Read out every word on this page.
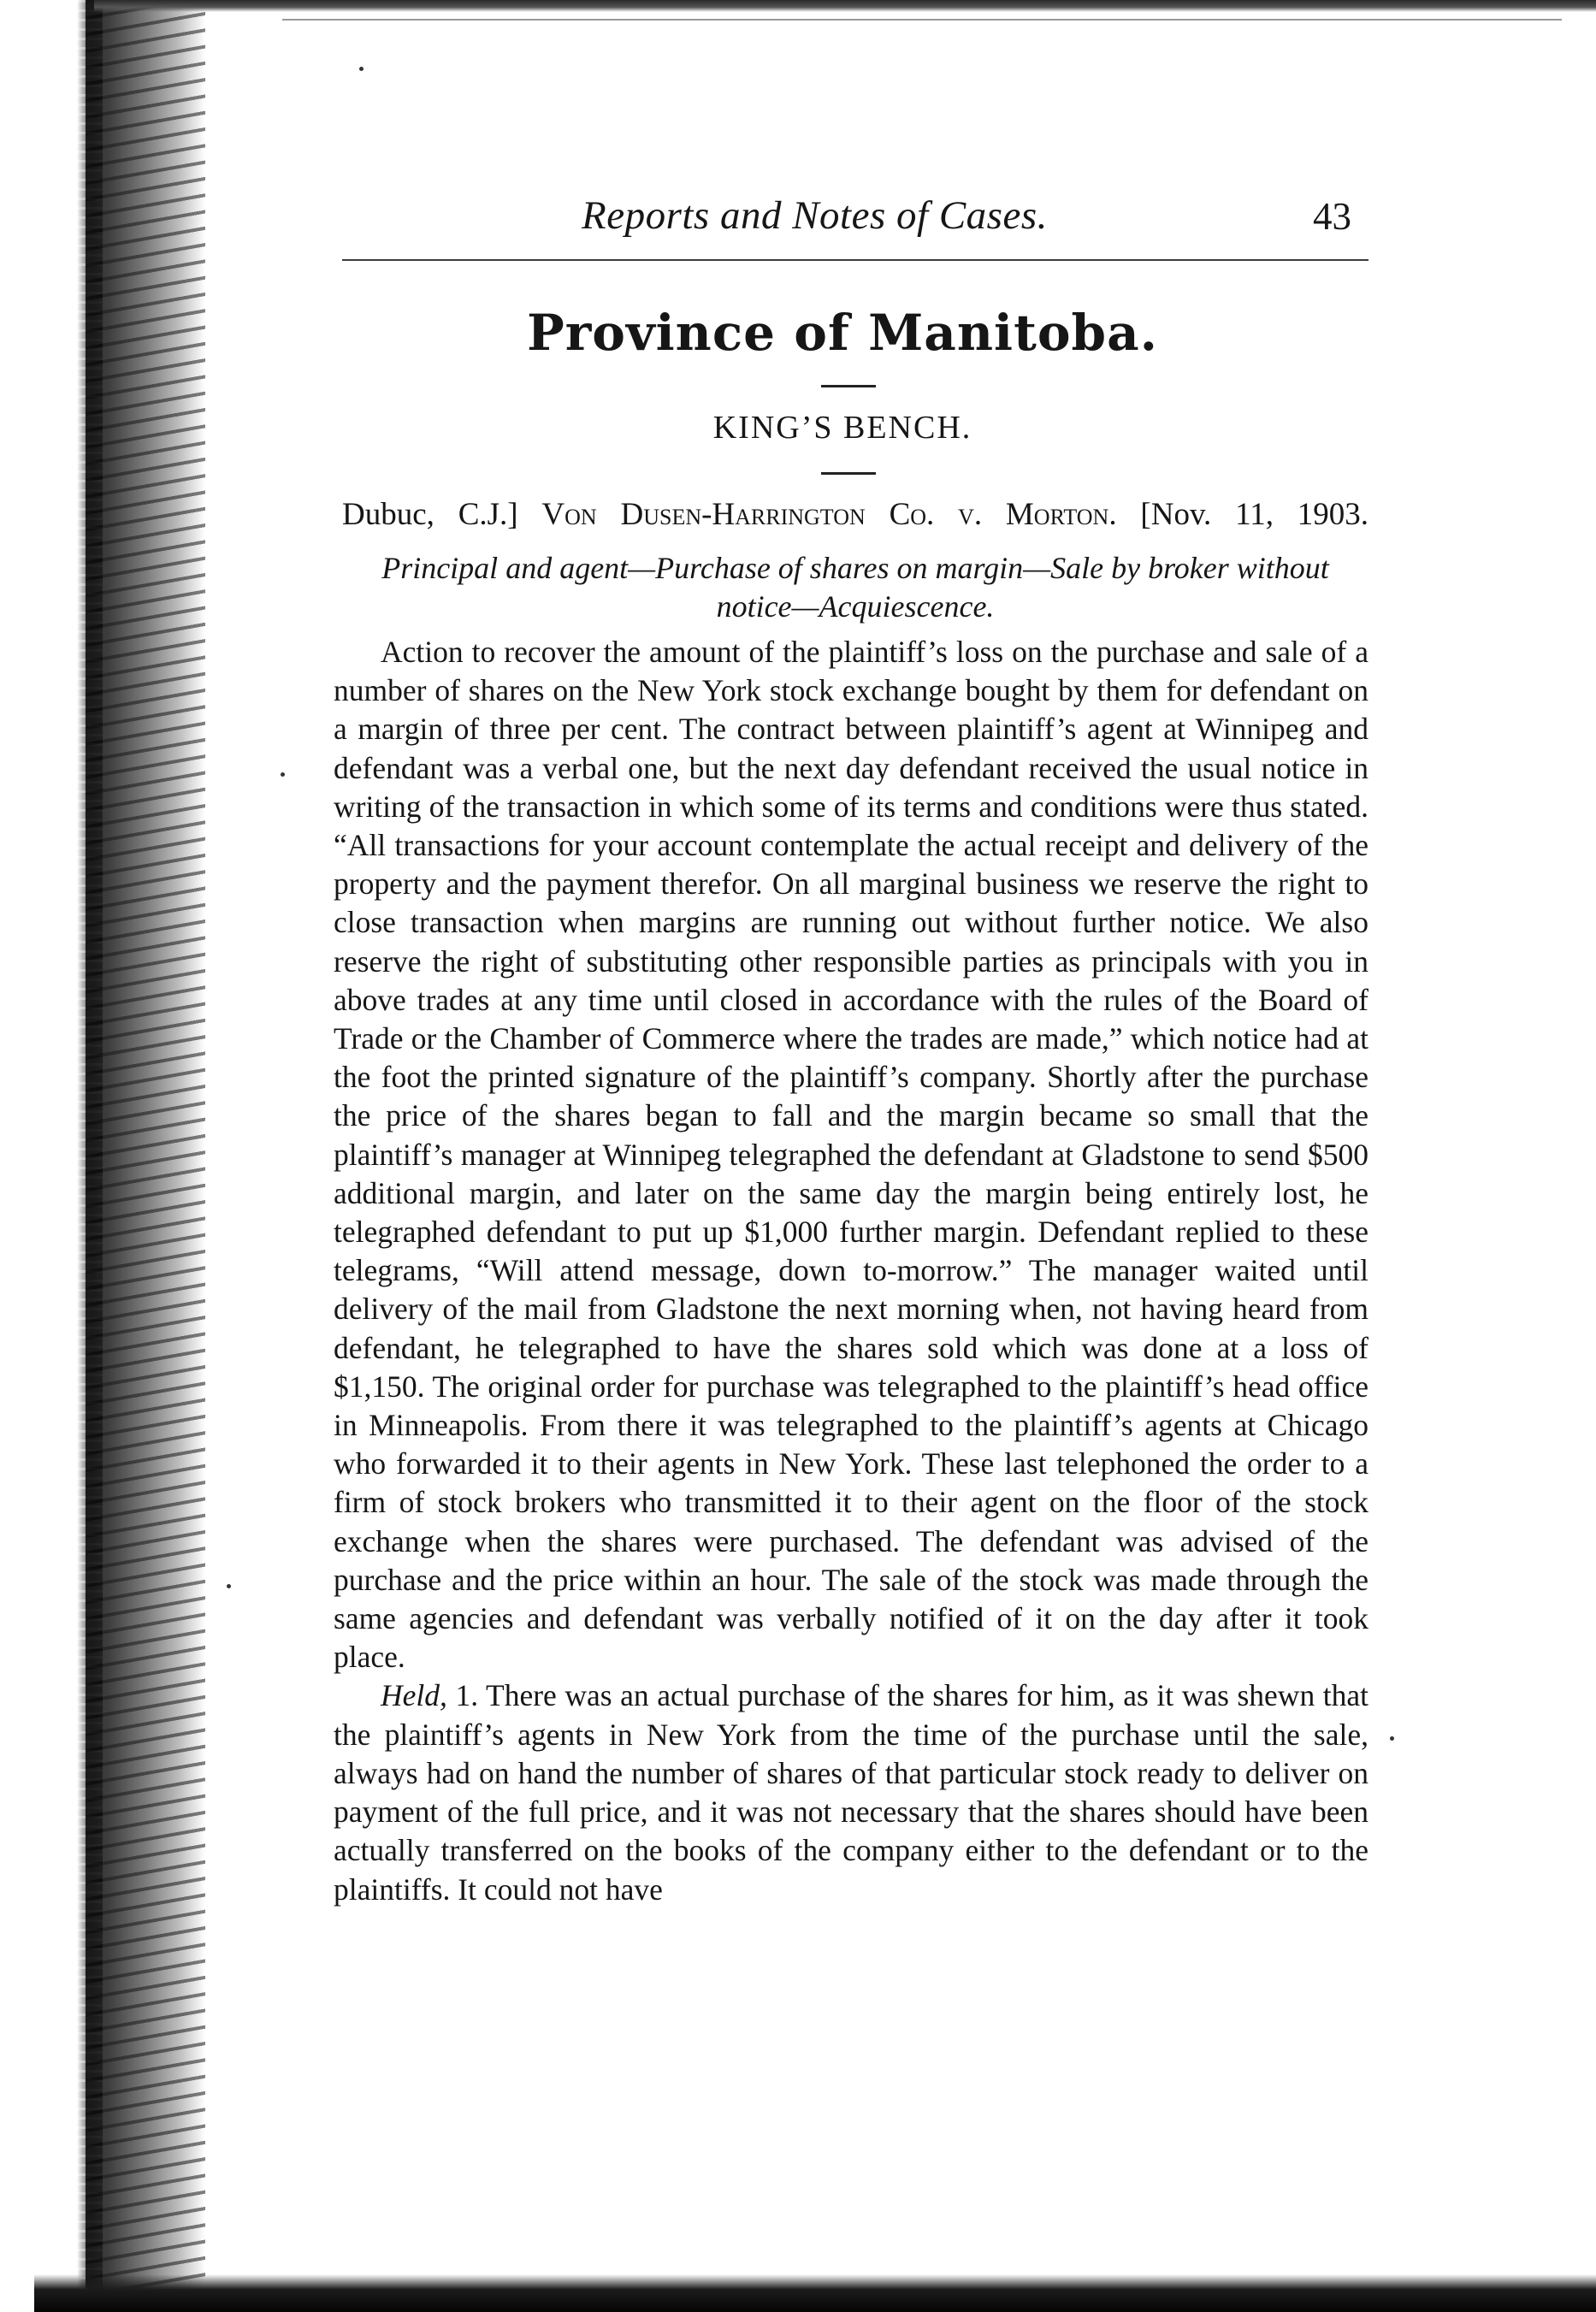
Reports and Notes of Cases.	43
Province of Manitoba.
KING’S BENCH.
Dubuc, C.J.] Von Dusen-Harrington Co. v. Morton. [Nov. 11, 1903.
Principal and agent—Purchase of shares on margin—Sale by broker without notice—Acquiescence.

Action to recover the amount of the plaintiff’s loss on the purchase and sale of a number of shares on the New York stock exchange bought by them for defendant on a margin of three per cent. The contract between plaintiff’s agent at Winnipeg and defendant was a verbal one, but the next day defendant received the usual notice in writing of the transaction in which some of its terms and conditions were thus stated. “All transactions for your account contemplate the actual receipt and delivery of the property and the payment therefor. On all marginal business we reserve the right to close transaction when margins are running out without further notice. We also reserve the right of substituting other responsible parties as principals with you in above trades at any time until closed in accordance with the rules of the Board of Trade or the Chamber of Commerce where the trades are made,” which notice had at the foot the printed signature of the plaintiff’s company. Shortly after the purchase the price of the shares began to fall and the margin became so small that the plaintiff’s manager at Winnipeg telegraphed the defendant at Gladstone to send $500 additional margin, and later on the same day the margin being entirely lost, he telegraphed defendant to put up $1,000 further margin. Defendant replied to these telegrams, “Will attend message, down to-morrow.” The manager waited until delivery of the mail from Gladstone the next morning when, not having heard from defendant, he telegraphed to have the shares sold which was done at a loss of $1,150. The original order for purchase was telegraphed to the plaintiff’s head office in Minneapolis. From there it was telegraphed to the plaintiff’s agents at Chicago who forwarded it to their agents in New York. These last telephoned the order to a firm of stock brokers who transmitted it to their agent on the floor of the stock exchange when the shares were purchased. The defendant was advised of the purchase and the price within an hour. The sale of the stock was made through the same agencies and defendant was verbally notified of it on the day after it took place.

Held, 1. There was an actual purchase of the shares for him, as it was shewn that the plaintiff’s agents in New York from the time of the purchase until the sale, always had on hand the number of shares of that particular stock ready to deliver on payment of the full price, and it was not necessary that the shares should have been actually transferred on the books of the company either to the defendant or to the plaintiffs. It could not have
